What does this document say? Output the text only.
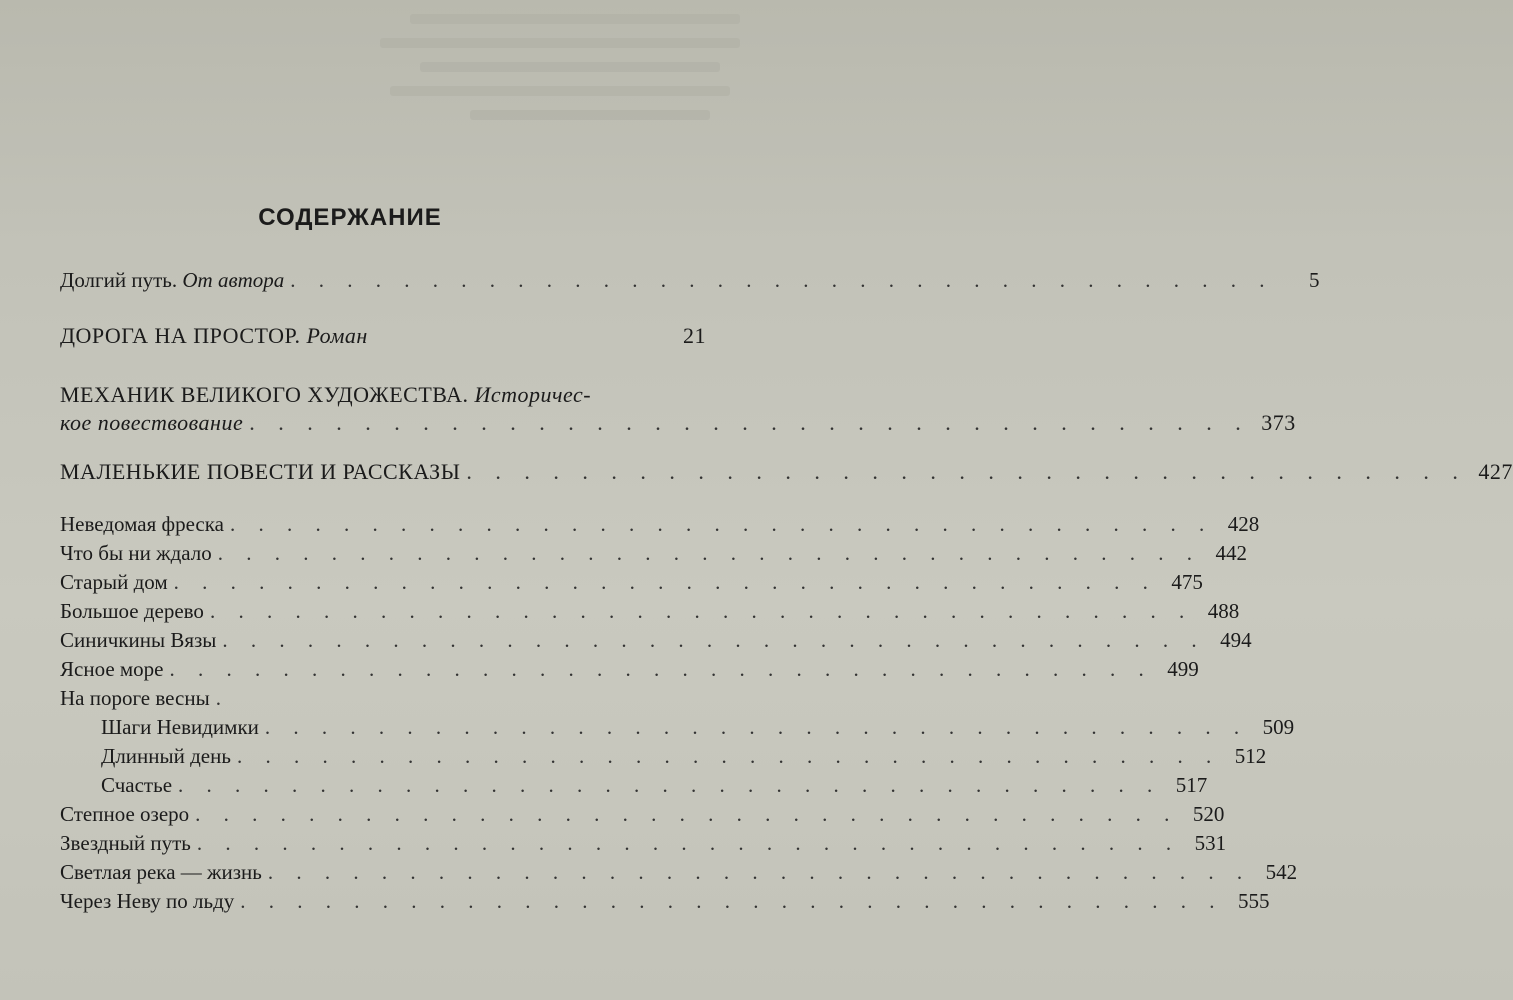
СОДЕРЖАНИЕ
Долгий путь. От автора . . . . . . . . . . . . . . . . . . . . . . . . . . . . . . . . . . .	5
ДОРОГА НА ПРОСТОР. Роман	21
МЕХАНИК ВЕЛИКОГО ХУДОЖЕСТВА. Историчес-
кое повествование . . . . . . . . . . . . . . . . . . . . . . . . . . . . . . . . . . . 373
МАЛЕНЬКИЕ ПОВЕСТИ И РАССКАЗЫ . . . . . . . . . . . . . . . . . . . . . . . . . . . . . . . . . . . 427
Неведомая фреска . . . . . . . . . . . . . . . . . . . . . . . . . . . . . . . . . . . 428
Что бы ни ждало . . . . . . . . . . . . . . . . . . . . . . . . . . . . . . . . . . . 442
Старый дом . . . . . . . . . . . . . . . . . . . . . . . . . . . . . . . . . . . 475
Большое дерево . . . . . . . . . . . . . . . . . . . . . . . . . . . . . . . . . . . 488
Синичкины Вязы . . . . . . . . . . . . . . . . . . . . . . . . . . . . . . . . . . . 494
Ясное море . . . . . . . . . . . . . . . . . . . . . . . . . . . . . . . . . . . 499
На пороге весны .
Шаги Невидимки . . . . . . . . . . . . . . . . . . . . . . . . . . . . . . . . . . . 509
Длинный день . . . . . . . . . . . . . . . . . . . . . . . . . . . . . . . . . . . 512
Счастье . . . . . . . . . . . . . . . . . . . . . . . . . . . . . . . . . . . 517
Степное озеро . . . . . . . . . . . . . . . . . . . . . . . . . . . . . . . . . . . 520
Звездный путь . . . . . . . . . . . . . . . . . . . . . . . . . . . . . . . . . . . 531
Светлая река — жизнь . . . . . . . . . . . . . . . . . . . . . . . . . . . . . . . . . . . 542
Через Неву по льду . . . . . . . . . . . . . . . . . . . . . . . . . . . . . . . . . . . 555
